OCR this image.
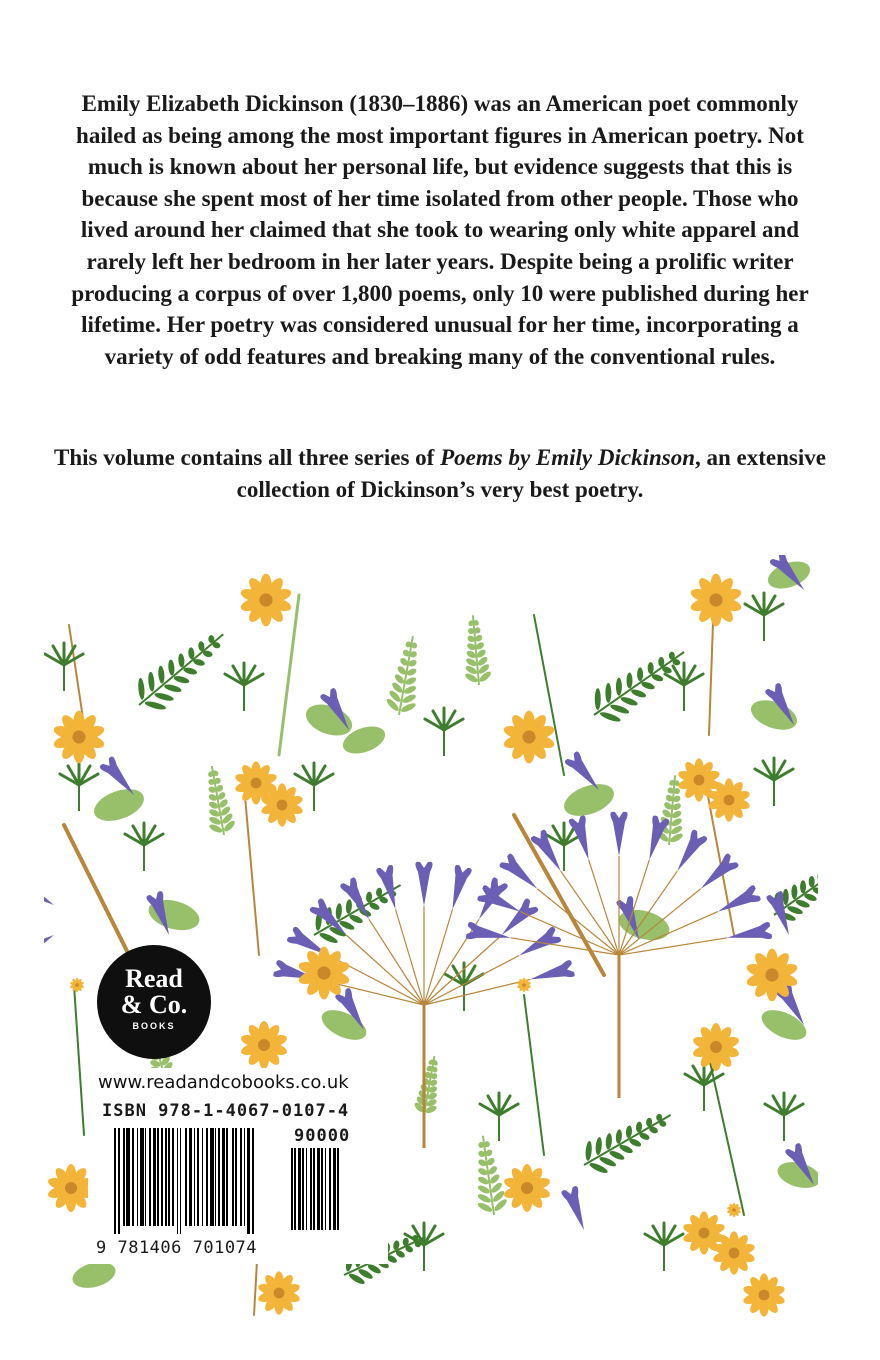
Emily Elizabeth Dickinson (1830–1886) was an American poet commonly hailed as being among the most important figures in American poetry. Not much is known about her personal life, but evidence suggests that this is because she spent most of her time isolated from other people. Those who lived around her claimed that she took to wearing only white apparel and rarely left her bedroom in her later years. Despite being a prolific writer producing a corpus of over 1,800 poems, only 10 were published during her lifetime. Her poetry was considered unusual for her time, incorporating a variety of odd features and breaking many of the conventional rules.

This volume contains all three series of Poems by Emily Dickinson, an extensive collection of Dickinson’s very best poetry.

Read
& Co.
BOOKS
www.readandcobooks.co.uk
ISBN 978-1-4067-0107-4
90000
9 781406 701074
